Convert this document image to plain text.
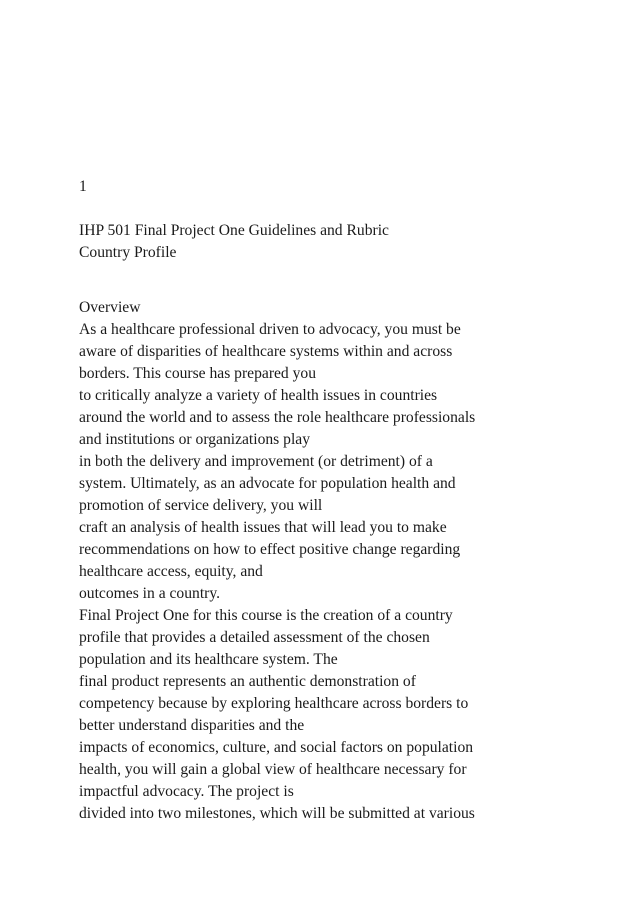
1
IHP 501 Final Project One Guidelines and Rubric
Country Profile
Overview
As a healthcare professional driven to advocacy, you must be
aware of disparities of healthcare systems within and across
borders. This course has prepared you
to critically analyze a variety of health issues in countries
around the world and to assess the role healthcare professionals
and institutions or organizations play
in both the delivery and improvement (or detriment) of a
system. Ultimately, as an advocate for population health and
promotion of service delivery, you will
craft an analysis of health issues that will lead you to make
recommendations on how to effect positive change regarding
healthcare access, equity, and
outcomes in a country.
Final Project One for this course is the creation of a country
profile that provides a detailed assessment of the chosen
population and its healthcare system. The
final product represents an authentic demonstration of
competency because by exploring healthcare across borders to
better understand disparities and the
impacts of economics, culture, and social factors on population
health, you will gain a global view of healthcare necessary for
impactful advocacy. The project is
divided into two milestones, which will be submitted at various
